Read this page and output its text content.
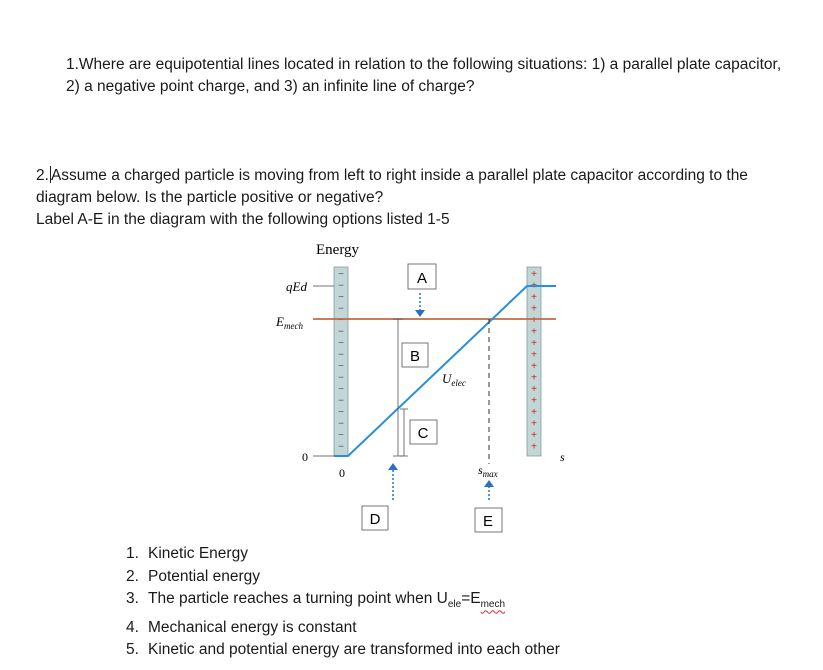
1.Where are equipotential lines located in relation to the following situations: 1) a parallel plate capacitor, 2) a negative point charge, and 3) an infinite line of charge?
2. Assume a charged particle is moving from left to right inside a parallel plate capacitor according to the
diagram below. Is the particle positive or negative?
Label A-E in the diagram with the following options listed 1-5
−
−
−
−
−
−
−
−
−
−
−
−
−
−
−
−
+
+
+
+
+
+
+
+
+
+
+
+
+
+
+
+
Energy
qEd
$E_{mech}$
0
0	$s_{max}$
s
$U_{elec}$
A
B
C
D	E
1. Kinetic Energy
2. Potential energy
3. The particle reaches a turning point when $U_{ele}=E_{mech}$
4. Mechanical energy is constant
5. Kinetic and potential energy are transformed into each other
